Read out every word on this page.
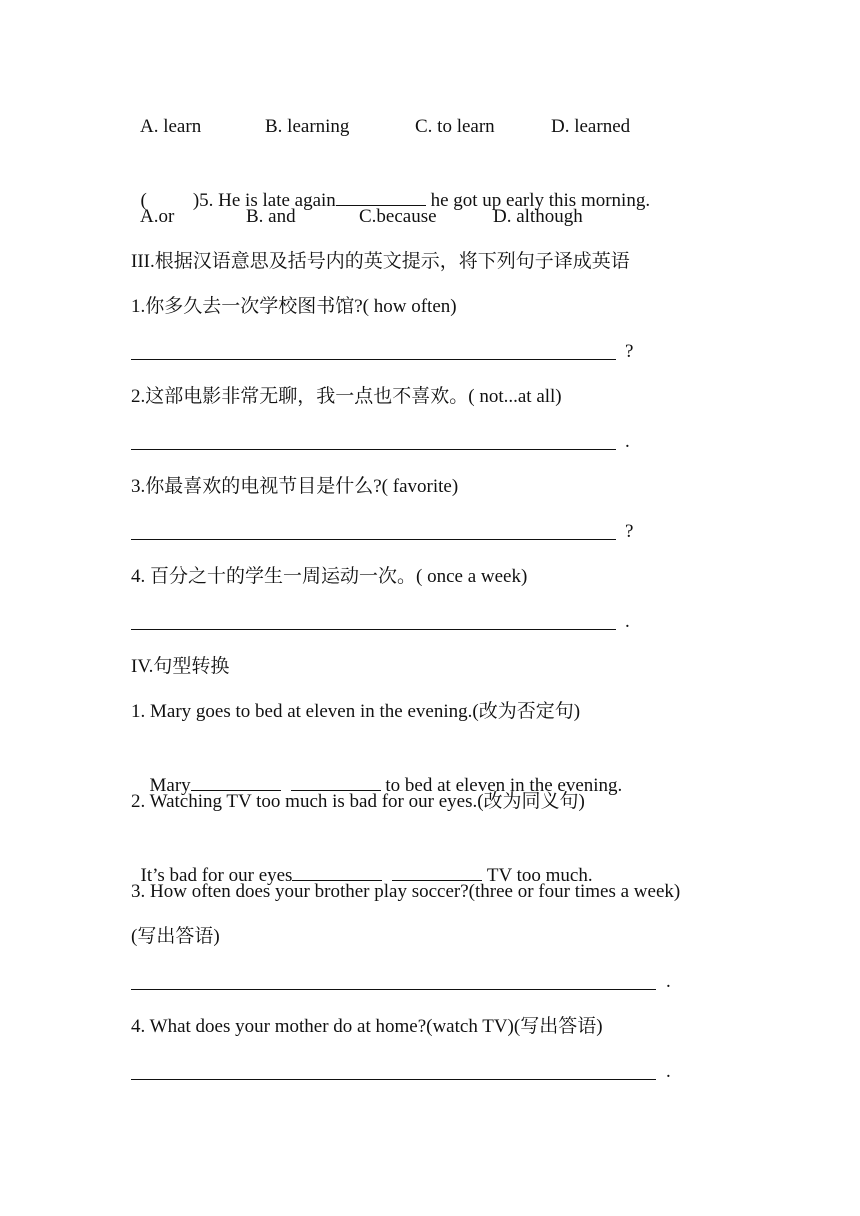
A. learn

	B. learning

	C. to learn

	D. learned

( )5. He is late again	he got up early this morning.

A.or

	B. and

	C.because

	D. although

III.根据汉语意思及括号内的英文提示，将下列句子译成英语
1.你多久去一次学校图书馆?( how often)
?
2.这部电影非常无聊，我一点也不喜欢。( not...at all)
.
3.你最喜欢的电视节目是什么?( favorite)
?
4. 百分之十的学生一周运动一次。( once a week)
.
IV.句型转换
1. Mary goes to bed at eleven in the evening.(改为否定句)

Mary	to bed at eleven in the evening.

2. Watching TV too much is bad for our eyes.(改为同义句)

It’s bad for our eyes	TV too much.

3. How often does your brother play soccer?(three or four times a week)
(写出答语)
.
4. What does your mother do at home?(watch TV)(写出答语)
.
